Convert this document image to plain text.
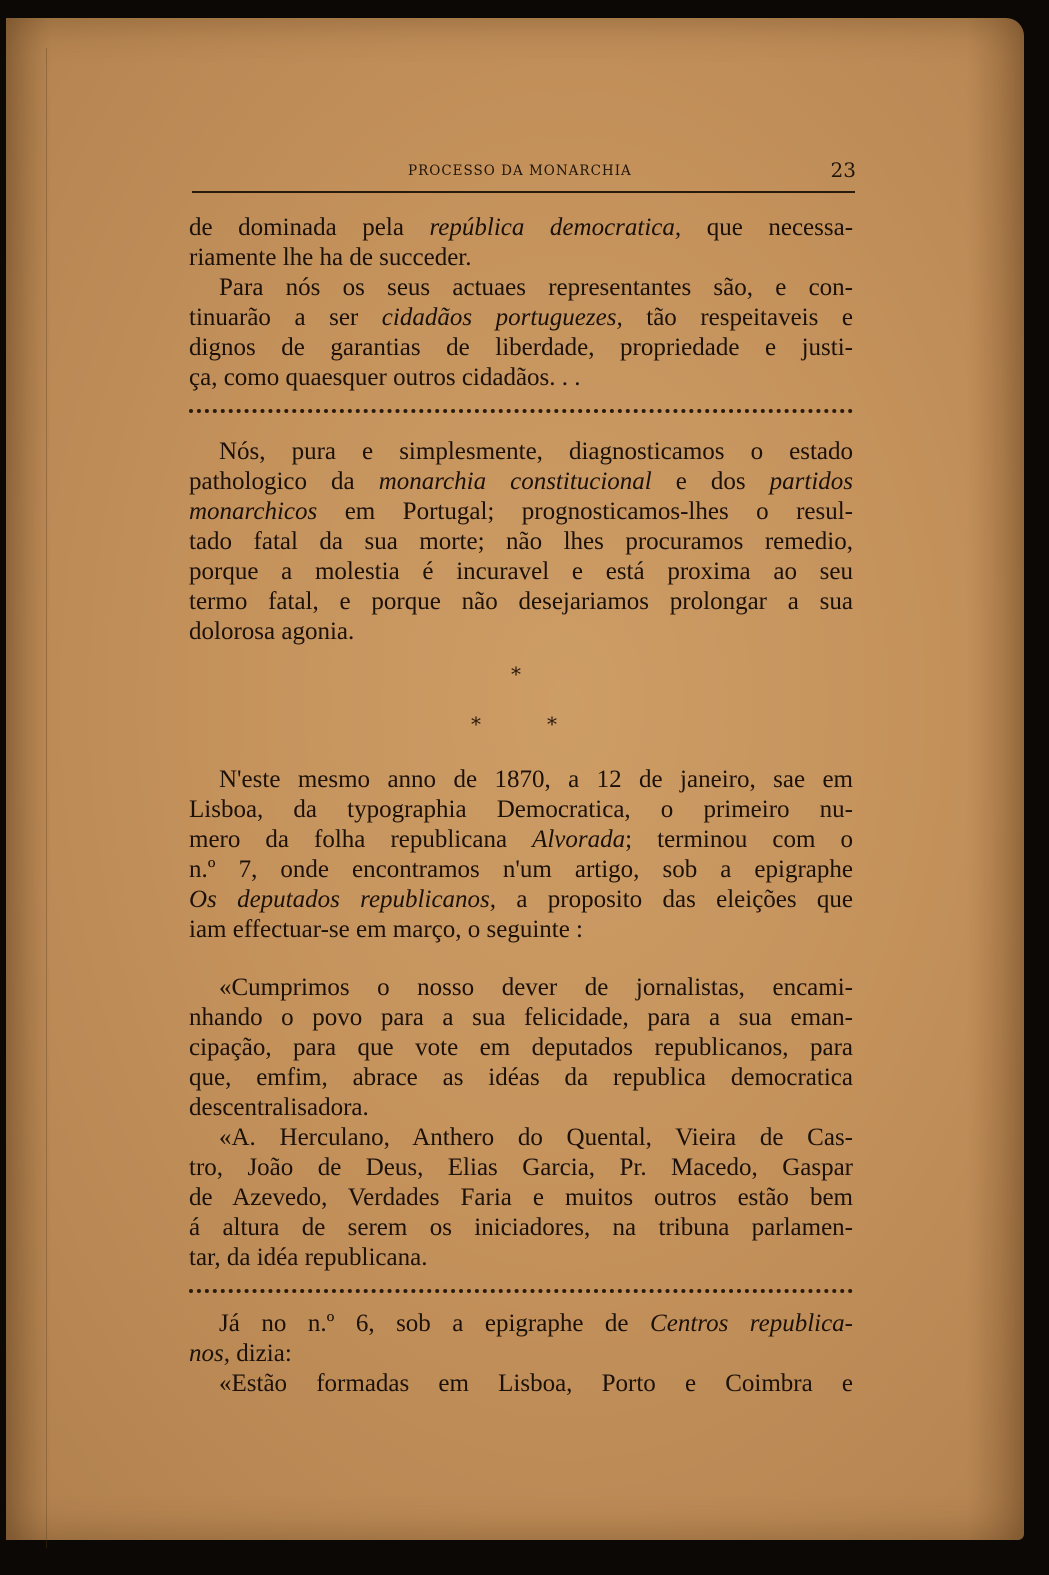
PROCESSO DA MONARCHIA	23
de dominada pela república democratica, que necessa-
riamente lhe ha de succeder.
Para nós os seus actuaes representantes são, e con-
tinuarão a ser cidadãos portuguezes, tão respeitaveis e
dignos de garantias de liberdade, propriedade e justi-
ça, como quaesquer outros cidadãos. . .
Nós, pura e simplesmente, diagnosticamos o estado
pathologico da monarchia constitucional e dos partidos
monarchicos em Portugal; prognosticamos-lhes o resul-
tado fatal da sua morte; não lhes procuramos remedio,
porque a molestia é incuravel e está proxima ao seu
termo fatal, e porque não desejariamos prolongar a sua
dolorosa agonia.
*
*	*
N'este mesmo anno de 1870, a 12 de janeiro, sae em
Lisboa, da typographia Democratica, o primeiro nu-
mero da folha republicana Alvorada; terminou com o
n.º 7, onde encontramos n'um artigo, sob a epigraphe
Os deputados republicanos, a proposito das eleições que
iam effectuar-se em março, o seguinte :
«Cumprimos o nosso dever de jornalistas, encami-
nhando o povo para a sua felicidade, para a sua eman-
cipação, para que vote em deputados republicanos, para
que, emfim, abrace as idéas da republica democratica
descentralisadora.
«A. Herculano, Anthero do Quental, Vieira de Cas-
tro, João de Deus, Elias Garcia, Pr. Macedo, Gaspar
de Azevedo, Verdades Faria e muitos outros estão bem
á altura de serem os iniciadores, na tribuna parlamen-
tar, da idéa republicana.
Já no n.º 6, sob a epigraphe de Centros republica-
nos, dizia:
«Estão formadas em Lisboa, Porto e Coimbra e
